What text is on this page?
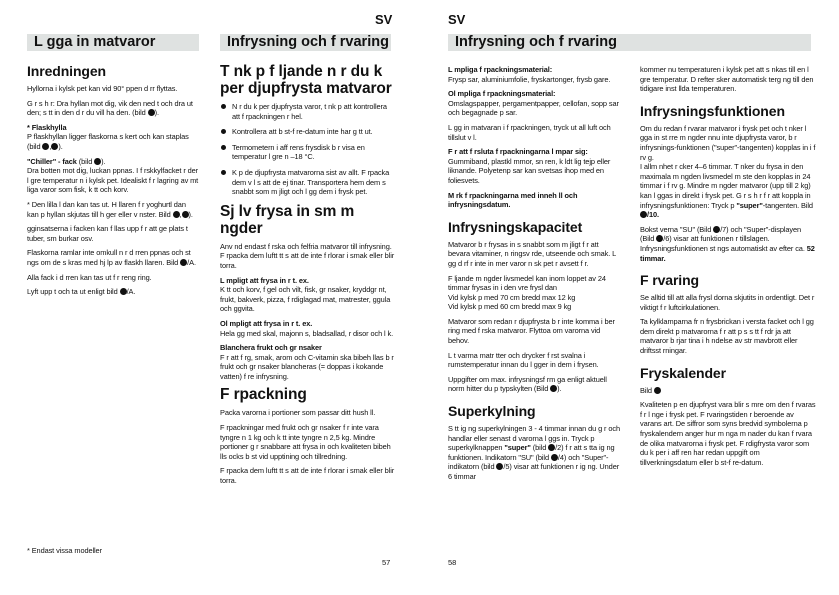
SV
L gga in matvaror	Infrysning och f rvaring
Inredningen

Hyllorna i kylsk pet kan vid 90° ppen d rr flyttas.

G r s h r: Dra hyllan mot dig, vik den ned t och dra ut den; s tt in den d r du vill ha den. (bild ).

* Flaskhylla
P flaskhyllan ligger flaskorna s kert och kan staplas (bild ).

"Chiller" - fack (bild ).
Dra botten mot dig, luckan ppnas. I f rskkylfacket r der l gre temperatur n i kylsk pet. Idealiskt f r lagring av mt liga varor som fisk, k tt och korv.

* Den lilla l dan kan tas ut. H llaren f r yoghurtl dan kan p hyllan skjutas till h ger eller v nster. Bild , ).

gginsatserna i facken kan f llas upp f r att ge plats t tuber, sm burkar osv.

Flaskorna ramlar inte omkull n r d rren ppnas och st ngs om de s kras med hj lp av flaskh llaren. Bild /A.

Alla fack i d rren kan tas ut f r reng ring.

Lyft upp t och ta ut enligt bild /A.

* Endast vissa modeller
T nk p f ljande n r du k per djupfrysta matvaror
N r du k per djupfrysta varor, t nk p att kontrollera att f rpackningen r hel.
Kontrollera att b st-f re-datum inte har g tt ut.
Termometern i aff rens frysdisk b r visa en temperatur l gre n –18 °C.
K p de djupfrysta matvarorna sist av allt. F rpacka dem v l s att de ej tinar. Transportera hem dem s snabbt som m jligt och l gg dem i frysk pet.
Sj lv frysa in sm m ngder

Anv nd endast f rska och felfria matvaror till infrysning. F rpacka dem luftt tt s att de inte f rlorar i smak eller blir torra.

L mpligt att frysa in r t. ex.
K tt och korv, f gel och vilt, fisk, gr nsaker, kryddgr nt, frukt, bakverk, pizza, f rdiglagad mat, matrester, ggula och ggvita.

Ol mpligt att frysa in r t. ex.
Hela gg med skal, majonn s, bladsallad, r disor och l k.

Blanchera frukt och gr nsaker
F r att f rg, smak, arom och C-vitamin ska bibeh llas b r frukt och gr nsaker blancheras (= doppas i kokande vatten) f re infrysning.

F rpackning

Packa varorna i portioner som passar ditt hush ll.

F rpackningar med frukt och gr nsaker f r inte vara tyngre n 1 kg och k tt inte tyngre n 2,5 kg. Mindre portioner g r snabbare att frysa in och kvaliteten bibeh lls ocks b st vid upptining och tillredning.

F rpacka dem luftt tt s att de inte f rlorar i smak eller blir torra.

57
SV
Infrysning och f rvaring

L mpliga f rpackningsmaterial:
Frysp sar, aluminiumfolie, fryskartonger, frysb gare.

Ol mpliga f rpackningsmaterial:
Omslagspapper, pergamentpapper, cellofan, sopp sar och begagnade p sar.

L gg in matvaran i f rpackningen, tryck ut all luft och tillslut v l.

F r att f rsluta f rpackningarna l mpar sig:
Gummiband, plastkl mmor, sn ren, k ldt lig tejp eller liknande. Polyetenp sar kan svetsas ihop med en foliesvets.

M rk f rpackningarna med inneh ll och infrysningsdatum.

Infrysningskapacitet

Matvaror b r frysas in s snabbt som m jligt f r att bevara vitaminer, n ringsv rde, utseende och smak. L gg d rf r inte in mer varor n sk pet r avsett f r.

F ljande m ngder livsmedel kan inom loppet av 24 timmar frysas in i den vre frysl dan
Vid kylsk p med 70 cm bredd max 12 kg
Vid kylsk p med 60 cm bredd max 9 kg

Matvaror som redan r djupfrysta b r inte komma i ber ring med f rska matvaror. Flyttoa om varorna vid behov.

L t varma matr tter och drycker f rst svalna i rumstemperatur innan du l gger in dem i frysen.

Uppgifter om max. infrysningsf rm ga enligt aktuell norm hitter du p typskylten (Bild ).

Superkylning

S tt ig ng superkylningen 3 - 4 timmar innan du g r och handlar eller senast d varorna l ggs in. Tryck p superkylknappen "super" (bild /2) f r att s tta ig ng funktionen. Indikatorn "SU" (bild /4) och "Super"-indikatorn (bild /5) visar att funktionen r ig ng. Under 6 timmar

58

kommer nu temperaturen i kylsk pet att s nkas till en l gre temperatur. D refter sker automatisk terg ng till den tidigare inst llda temperaturen.

Infrysningsfunktionen

Om du redan f rvarar matvaror i frysk pet och t nker l gga in st rre m ngder nnu inte djupfrysta varor, b r infrysnings-funktionen ("super"-tangenten) kopplas in i f rv g.
I allm nhet r cker 4–6 timmar. T nker du frysa in den maximala m ngden livsmedel m ste den kopplas in 24 timmar i f rv g. Mindre m ngder matvaror (upp till 2 kg) kan l ggas in direkt i frysk pet. G r s h r f r att koppla in infrysningsfunktionen: Tryck p "super"-tangenten. Bild /10.

Bokst verna "SU" (Bild /7) och "Super"-displayen (Bild /6) visar att funktionen r tillslagen. Infrysningsfunktionen st ngs automatiskt av efter ca. 52 timmar.

F rvaring

Se alltid till att alla frysl dorna skjutits in ordentligt. Det r viktigt f r luftcirkulationen.

Ta kylklamparna fr n frysbrickan i versta facket och l gg dem direkt p matvarorna f r att p s s tt f rdr ja att matvaror b rjar tina i h ndelse av str mavbrott eller driftsst rningar.

Fryskalender

Bild

Kvaliteten p en djupfryst vara blir s mre om den f rvaras f r l nge i frysk pet. F rvaringstiden r beroende av varans art. De siffror som syns bredvid symbolerna p fryskalendern anger hur m nga m nader du kan f rvara de olika matvarorna i frysk pet. F rdigfrysta varor som du k per i aff ren har redan uppgift om tillverkningsdatum eller b st-f re-datum.
